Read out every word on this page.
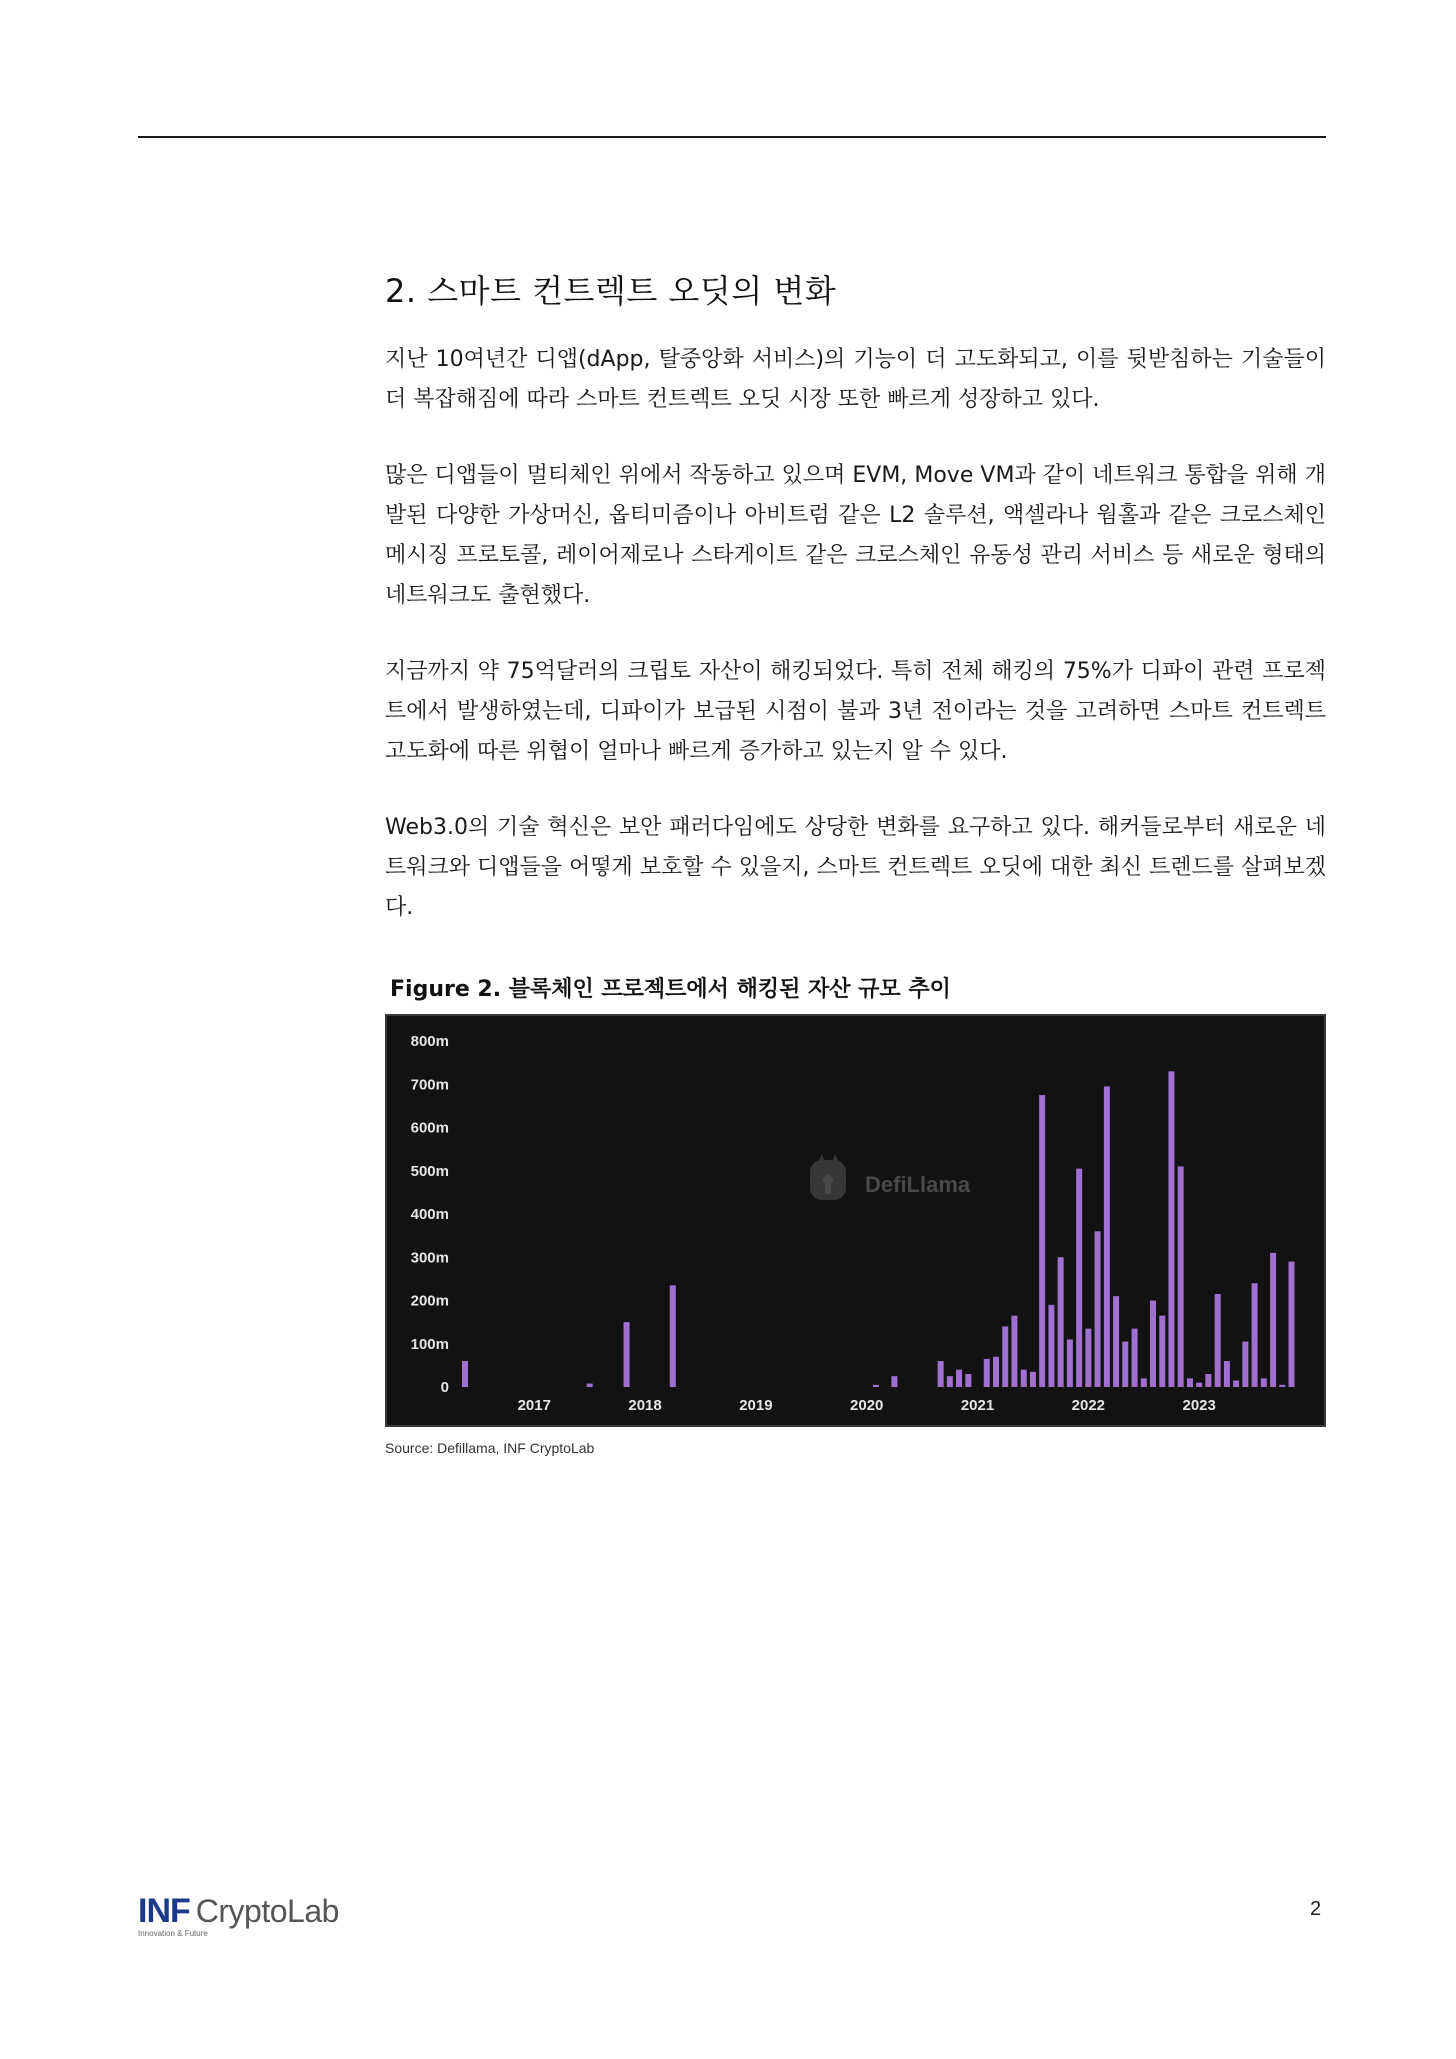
2. 스마트 컨트렉트 오딧의 변화

지난 10여년간 디앱(dApp, 탈중앙화 서비스)의 기능이 더 고도화되고, 이를 뒷받침하는 기술들이 더 복잡해짐에 따라 스마트 컨트렉트 오딧 시장 또한 빠르게 성장하고 있다.

많은 디앱들이 멀티체인 위에서 작동하고 있으며 EVM, Move VM과 같이 네트워크 통합을 위해 개발된 다양한 가상머신, 옵티미즘이나 아비트럼 같은 L2 솔루션, 액셀라나 웜홀과 같은 크로스체인 메시징 프로토콜, 레이어제로나 스타게이트 같은 크로스체인 유동성 관리 서비스 등 새로운 형태의 네트워크도 출현했다.

지금까지 약 75억달러의 크립토 자산이 해킹되었다. 특히 전체 해킹의 75%가 디파이 관련 프로젝트에서 발생하였는데, 디파이가 보급된 시점이 불과 3년 전이라는 것을 고려하면 스마트 컨트렉트 고도화에 따른 위협이 얼마나 빠르게 증가하고 있는지 알 수 있다.

Web3.0의 기술 혁신은 보안 패러다임에도 상당한 변화를 요구하고 있다. 해커들로부터 새로운 네트워크와 디앱들을 어떻게 보호할 수 있을지, 스마트 컨트렉트 오딧에 대한 최신 트렌드를 살펴보겠다.

Figure 2. 블록체인 프로젝트에서 해킹된 자산 규모 추이

DefiLlama
0
100m
200m
300m
400m
500m
600m
700m
800m
2017	2018	2019	2020	2021	2022	2023
Source: Defillama, INF CryptoLab
INF CryptoLab
Innovation & Future
2
